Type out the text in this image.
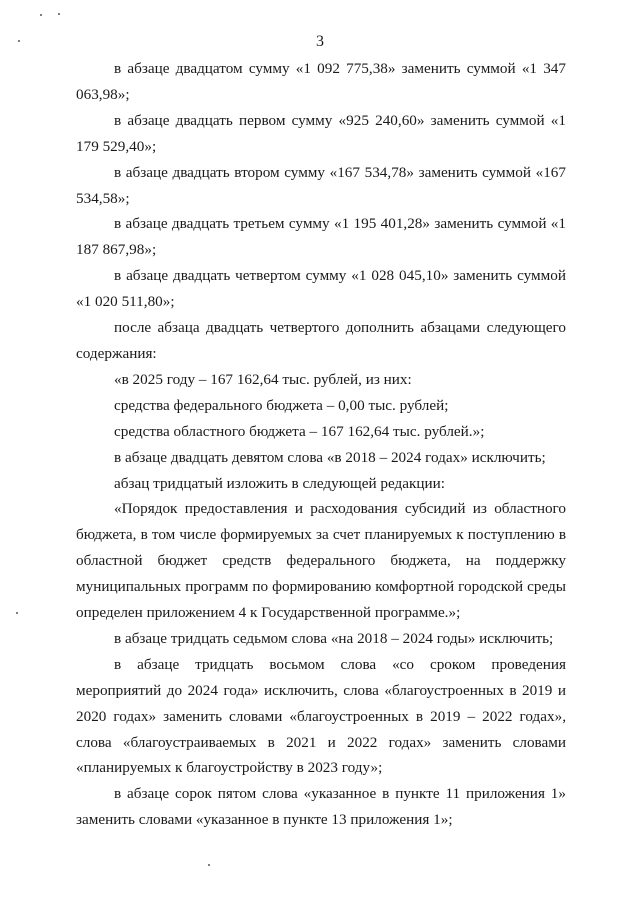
3

в абзаце двадцатом сумму «1 092 775,38» заменить суммой «1 347 063,98»;

в абзаце двадцать первом сумму «925 240,60» заменить суммой «1 179 529,40»;

в абзаце двадцать втором сумму «167 534,78» заменить суммой «167 534,58»;

в абзаце двадцать третьем сумму «1 195 401,28» заменить суммой «1 187 867,98»;

в абзаце двадцать четвертом сумму «1 028 045,10» заменить суммой «1 020 511,80»;

после абзаца двадцать четвертого дополнить абзацами следующего содержания:

«в 2025 году – 167 162,64 тыс. рублей, из них:

средства федерального бюджета – 0,00 тыс. рублей;

средства областного бюджета – 167 162,64 тыс. рублей.»;

в абзаце двадцать девятом слова «в 2018 – 2024 годах» исключить;

абзац тридцатый изложить в следующей редакции:

«Порядок предоставления и расходования субсидий из областного бюджета, в том числе формируемых за счет планируемых к поступлению в областной бюджет средств федерального бюджета, на поддержку муниципальных программ по формированию комфортной городской среды определен приложением 4 к Государственной программе.»;

в абзаце тридцать седьмом слова «на 2018 – 2024 годы» исключить;

в абзаце тридцать восьмом слова «со сроком проведения мероприятий до 2024 года» исключить, слова «благоустроенных в 2019 и 2020 годах» заменить словами «благоустроенных в 2019 – 2022 годах», слова «благоустраиваемых в 2021 и 2022 годах» заменить словами «планируемых к благоустройству в 2023 году»;

в абзаце сорок пятом слова «указанное в пункте 11 приложения 1» заменить словами «указанное в пункте 13 приложения 1»;
